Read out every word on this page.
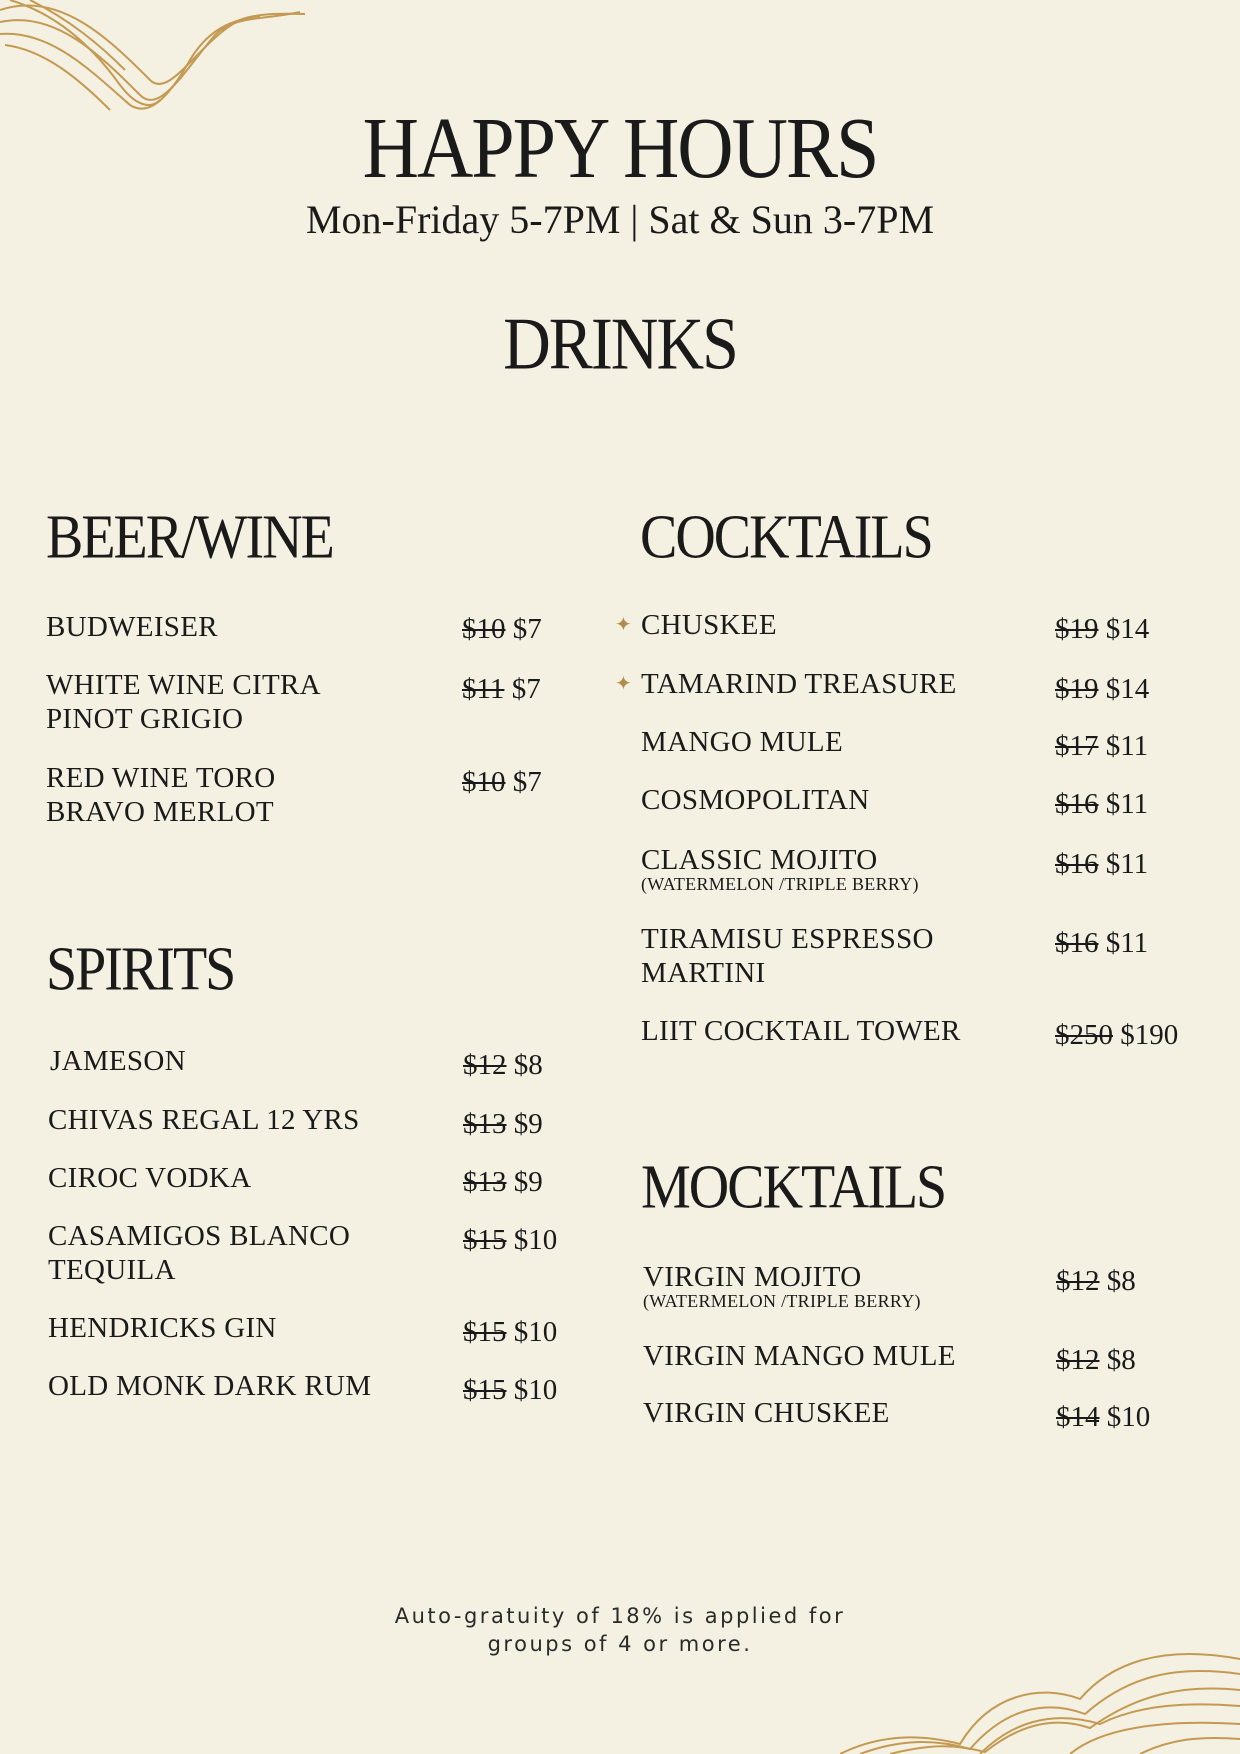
HAPPY HOURS
Mon-Friday 5-7PM | Sat & Sun 3-7PM
DRINKS
BEER/WINE
BUDWEISER	$10 $7
WHITE WINE CITRA PINOT GRIGIO
$11 $7
RED WINE TORO BRAVO MERLOT
$10 $7
SPIRITS
JAMESON	$12 $8
CHIVAS REGAL 12 YRS	$13 $9
CIROC VODKA	$13 $9
CASAMIGOS BLANCO TEQUILA
$15 $10
HENDRICKS GIN	$15 $10
OLD MONK DARK RUM	$15 $10
COCKTAILS
✦ CHUSKEE	$19 $14
✦ TAMARIND TREASURE	$19 $14
MANGO MULE	$17 $11
COSMOPOLITAN	$16 $11
CLASSIC MOJITO
(WATERMELON /TRIPLE BERRY)
$16 $11
TIRAMISU ESPRESSO MARTINI
$16 $11
LIIT COCKTAIL TOWER	$250 $190
MOCKTAILS
VIRGIN MOJITO
(WATERMELON /TRIPLE BERRY)
$12 $8
VIRGIN MANGO MULE	$12 $8
VIRGIN CHUSKEE	$14 $10
Auto-gratuity of 18% is applied for
groups of 4 or more.
